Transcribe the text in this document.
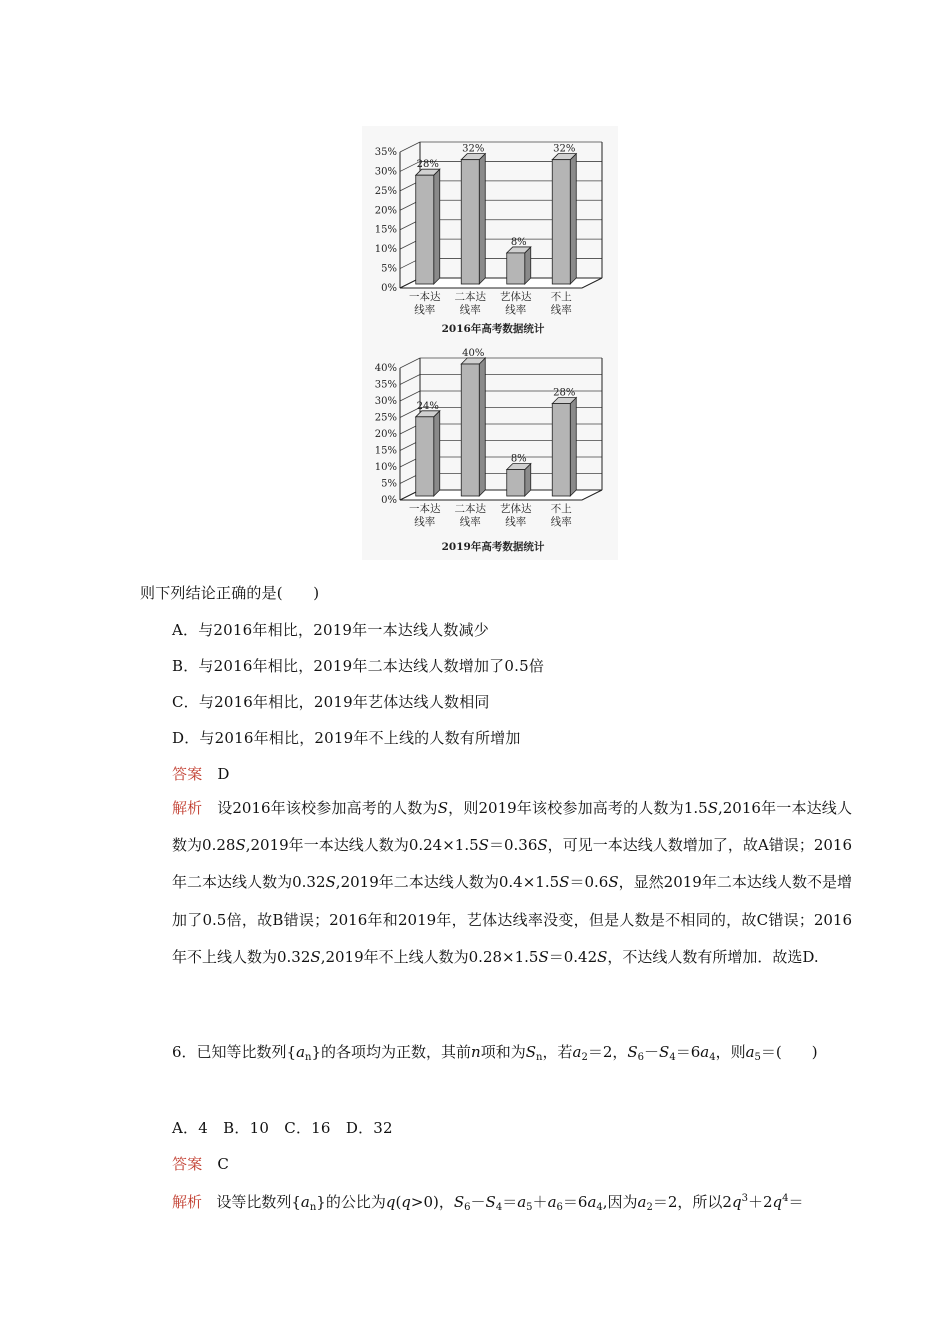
0%
5%
10%
15%
20%
25%
30%
35%
28%
一本达
线率
32%
二本达
线率
8%
艺体达
线率
32%
不上
线率
2016年高考数据统计
0%
5%
10%
15%
20%
25%
30%
35%
40%
24%
一本达
线率
40%
二本达
线率
8%
艺体达
线率
28%
不上
线率
2019年高考数据统计
则下列结论正确的是(　　)
A．与2016年相比，2019年一本达线人数减少
B．与2016年相比，2019年二本达线人数增加了0.5倍
C．与2016年相比，2019年艺体达线人数相同
D．与2016年相比，2019年不上线的人数有所增加
答案 D
解析 设2016年该校参加高考的人数为S，则2019年该校参加高考的人数为1.5S,2016年一本达线人数为0.28S,2019年一本达线人数为0.24×1.5S＝0.36S，可见一本达线人数增加了，故A错误；2016年二本达线人数为0.32S,2019年二本达线人数为0.4×1.5S＝0.6S，显然2019年二本达线人数不是增加了0.5倍，故B错误；2016年和2019年，艺体达线率没变，但是人数是不相同的，故C错误；2016年不上线人数为0.32S,2019年不上线人数为0.28×1.5S＝0.42S，不达线人数有所增加．故选D.
6．已知等比数列$\{a_n\}$的各项均为正数，其前n项和为$S_n$，若$a_2=2$，$S_6-S_4=6a_4$，则$a_5=$(　　)
A．4　B．10　C．16　D．32
答案 C
解析 设等比数列$\{a_n\}$的公比为q(q>0)，$S_6-S_4=a_5+a_6=6a_4$,因为$a_2=2$，所以$2q^3+2q^4=$
